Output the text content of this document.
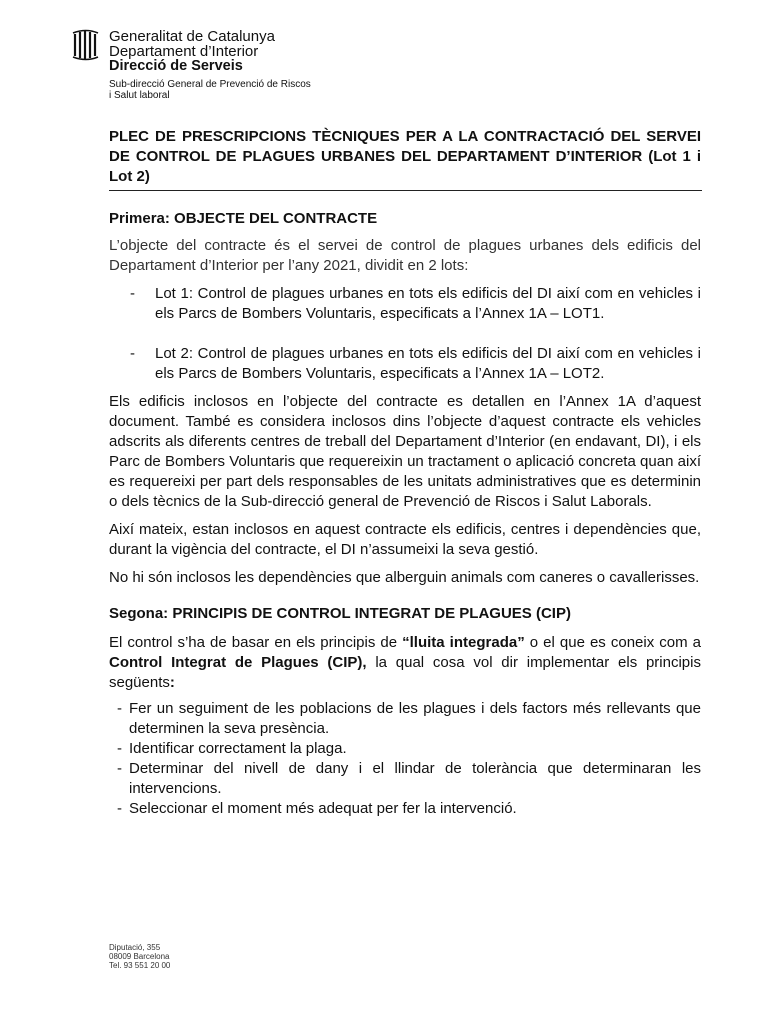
Generalitat de Catalunya
Departament d’Interior
Direcció de Serveis
Sub-direcció General de Prevenció de Riscos
i Salut laboral
PLEC DE PRESCRIPCIONS TÈCNIQUES PER A LA CONTRACTACIÓ DEL SERVEI DE CONTROL DE PLAGUES URBANES DEL DEPARTAMENT D’INTERIOR (Lot 1 i Lot 2)
Primera: OBJECTE DEL CONTRACTE

L’objecte del contracte és el servei de control de plagues urbanes dels edificis del Departament d’Interior per l’any 2021, dividit en 2 lots:

- Lot 1: Control de plagues urbanes en tots els edificis del DI així com en vehicles i els Parcs de Bombers Voluntaris, especificats a l’Annex 1A – LOT1.

- Lot 2: Control de plagues urbanes en tots els edificis del DI així com en vehicles i els Parcs de Bombers Voluntaris, especificats a l’Annex 1A – LOT2.

Els edificis inclosos en l’objecte del contracte es detallen en l’Annex 1A d’aquest document. També es considera inclosos dins l’objecte d’aquest contracte els vehicles adscrits als diferents centres de treball del Departament d’Interior (en endavant, DI), i els Parc de Bombers Voluntaris que requereixin un tractament o aplicació concreta quan així es requereixi per part dels responsables de les unitats administratives que es determinin o dels tècnics de la Sub-direcció general de Prevenció de Riscos i Salut Laborals.

Així mateix, estan inclosos en aquest contracte els edificis, centres i dependències que, durant la vigència del contracte, el DI n’assumeixi la seva gestió.

No hi són inclosos les dependències que alberguin animals com caneres o cavallerisses.

Segona: PRINCIPIS DE CONTROL INTEGRAT DE PLAGUES (CIP)

El control s’ha de basar en els principis de “lluita integrada” o el que es coneix com a Control Integrat de Plagues (CIP), la qual cosa vol dir implementar els principis següents:

- Fer un seguiment de les poblacions de les plagues i dels factors més rellevants que determinen la seva presència.

- Identificar correctament la plaga.

- Determinar del nivell de dany i el llindar de tolerància que determinaran les intervencions.

- Seleccionar el moment més adequat per fer la intervenció.

Diputació, 355
08009 Barcelona
Tel. 93 551 20 00
